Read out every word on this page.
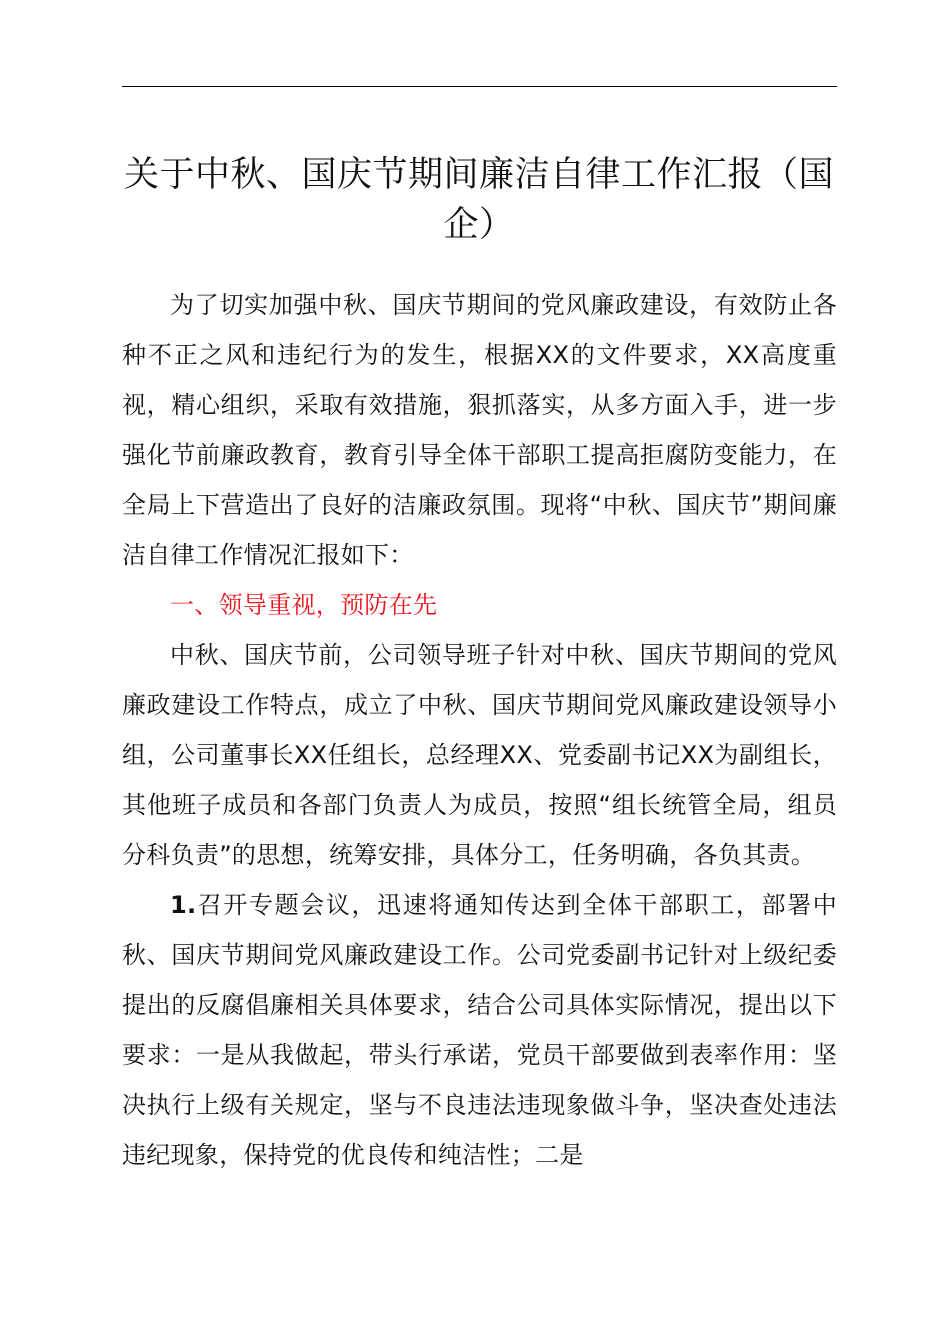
关于中秋、国庆节期间廉洁自律工作汇报（国企）

为了切实加强中秋、国庆节期间的党风廉政建设，有效防止各种不正之风和违纪行为的发生，根据XX的文件要求，XX高度重视，精心组织，采取有效措施，狠抓落实，从多方面入手，进一步强化节前廉政教育，教育引导全体干部职工提高拒腐防变能力，在全局上下营造出了良好的洁廉政氛围。现将“中秋、国庆节”期间廉洁自律工作情况汇报如下：

一、领导重视，预防在先

中秋、国庆节前，公司领导班子针对中秋、国庆节期间的党风廉政建设工作特点，成立了中秋、国庆节期间党风廉政建设领导小组，公司董事长XX任组长，总经理XX、党委副书记XX为副组长，其他班子成员和各部门负责人为成员，按照“组长统管全局，组员分科负责”的思想，统筹安排，具体分工，任务明确，各负其责。

1.召开专题会议，迅速将通知传达到全体干部职工，部署中秋、国庆节期间党风廉政建设工作。公司党委副书记针对上级纪委提出的反腐倡廉相关具体要求，结合公司具体实际情况，提出以下要求：一是从我做起，带头行承诺，党员干部要做到表率作用：坚决执行上级有关规定，坚与不良违法违现象做斗争，坚决查处违法违纪现象，保持党的优良传和纯洁性；二是
